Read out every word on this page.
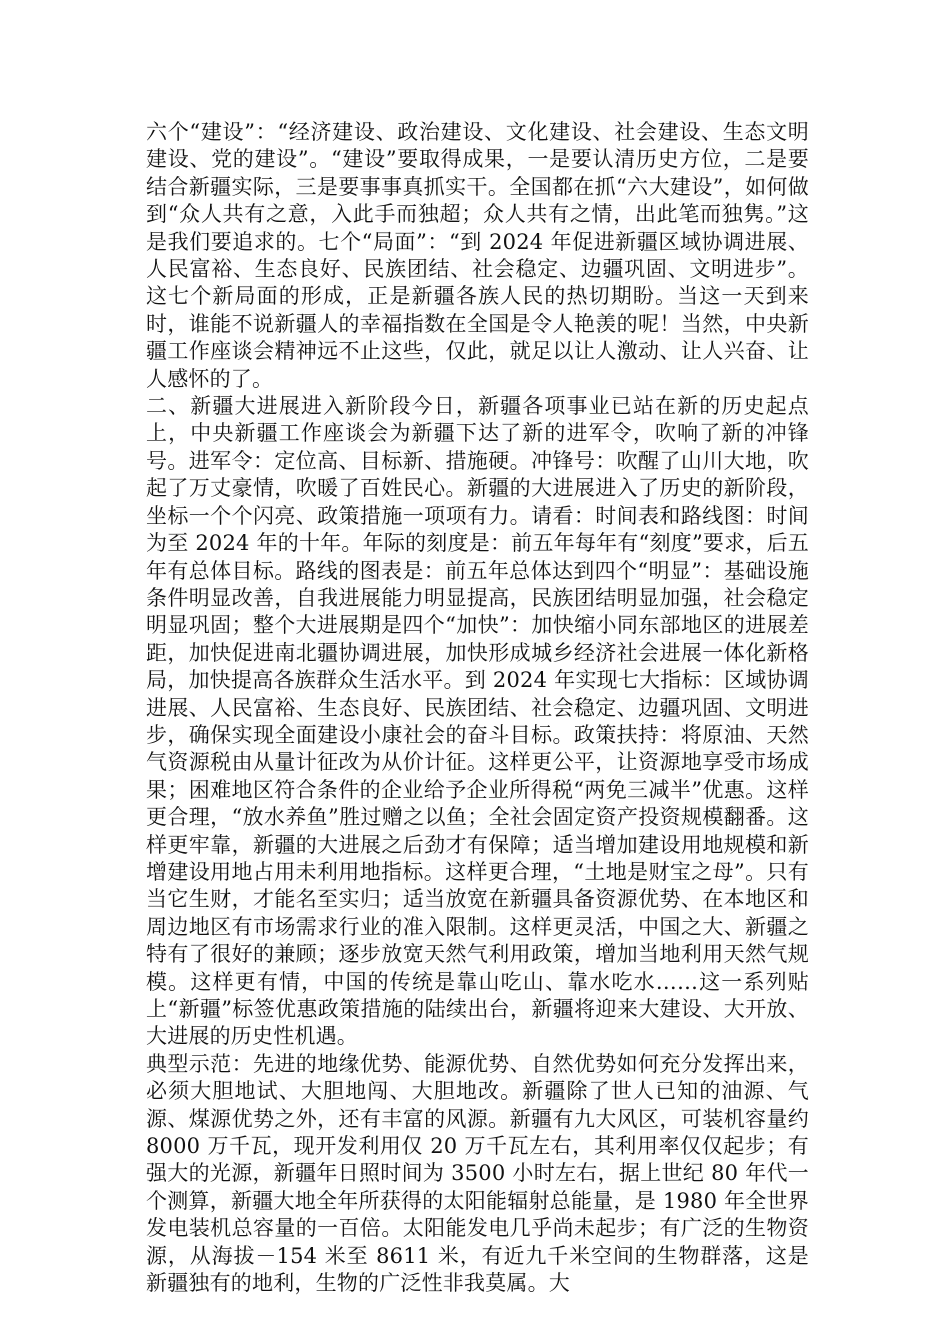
六个“建设”：“经济建设、政治建设、文化建设、社会建设、生态文明建设、党的建设”。“建设”要取得成果，一是要认清历史方位，二是要结合新疆实际，三是要事事真抓实干。全国都在抓“六大建设”，如何做到“众人共有之意，入此手而独超；众人共有之情，出此笔而独隽。”这是我们要追求的。七个“局面”：“到 2024 年促进新疆区域协调进展、人民富裕、生态良好、民族团结、社会稳定、边疆巩固、文明进步”。这七个新局面的形成，正是新疆各族人民的热切期盼。当这一天到来时，谁能不说新疆人的幸福指数在全国是令人艳羡的呢！当然，中央新疆工作座谈会精神远不止这些，仅此，就足以让人激动、让人兴奋、让人感怀的了。

二、新疆大进展进入新阶段今日，新疆各项事业已站在新的历史起点上，中央新疆工作座谈会为新疆下达了新的进军令，吹响了新的冲锋号。进军令：定位高、目标新、措施硬。冲锋号：吹醒了山川大地，吹起了万丈豪情，吹暖了百姓民心。新疆的大进展进入了历史的新阶段，坐标一个个闪亮、政策措施一项项有力。请看：时间表和路线图：时间为至 2024 年的十年。年际的刻度是：前五年每年有“刻度”要求，后五年有总体目标。路线的图表是：前五年总体达到四个“明显”：基础设施条件明显改善，自我进展能力明显提高，民族团结明显加强，社会稳定明显巩固；整个大进展期是四个“加快”：加快缩小同东部地区的进展差距，加快促进南北疆协调进展，加快形成城乡经济社会进展一体化新格局，加快提高各族群众生活水平。到 2024 年实现七大指标：区域协调进展、人民富裕、生态良好、民族团结、社会稳定、边疆巩固、文明进步，确保实现全面建设小康社会的奋斗目标。政策扶持：将原油、天然气资源税由从量计征改为从价计征。这样更公平，让资源地享受市场成果；困难地区符合条件的企业给予企业所得税“两免三减半”优惠。这样更合理，“放水养鱼”胜过赠之以鱼；全社会固定资产投资规模翻番。这样更牢靠，新疆的大进展之后劲才有保障；适当增加建设用地规模和新增建设用地占用未利用地指标。这样更合理，“土地是财宝之母”。只有当它生财，才能名至实归；适当放宽在新疆具备资源优势、在本地区和周边地区有市场需求行业的准入限制。这样更灵活，中国之大、新疆之特有了很好的兼顾；逐步放宽天然气利用政策，增加当地利用天然气规模。这样更有情，中国的传统是靠山吃山、靠水吃水……这一系列贴上“新疆”标签优惠政策措施的陆续出台，新疆将迎来大建设、大开放、大进展的历史性机遇。

典型示范：先进的地缘优势、能源优势、自然优势如何充分发挥出来，必须大胆地试、大胆地闯、大胆地改。新疆除了世人已知的油源、气源、煤源优势之外，还有丰富的风源。新疆有九大风区，可装机容量约 8000 万千瓦，现开发利用仅 20 万千瓦左右，其利用率仅仅起步；有强大的光源，新疆年日照时间为 3500 小时左右，据上世纪 80 年代一个测算，新疆大地全年所获得的太阳能辐射总能量，是 1980 年全世界发电装机总容量的一百倍。太阳能发电几乎尚未起步；有广泛的生物资源，从海拔－154 米至 8611 米，有近九千米空间的生物群落，这是新疆独有的地利，生物的广泛性非我莫属。大
